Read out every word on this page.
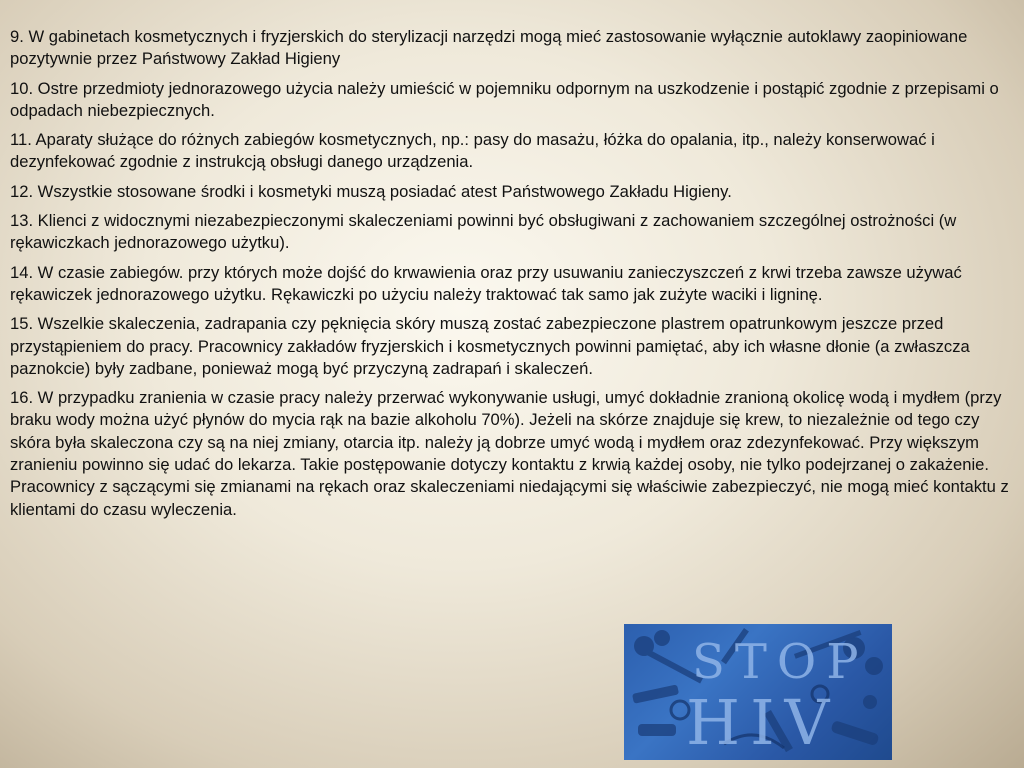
9. W gabinetach kosmetycznych i fryzjerskich do sterylizacji narzędzi mogą mieć zastosowanie wyłącznie autoklawy zaopiniowane pozytywnie przez Państwowy Zakład Higieny

10. Ostre przedmioty jednorazowego użycia należy umieścić w pojemniku odpornym na uszkodzenie i postąpić zgodnie z przepisami o odpadach niebezpiecznych.

11. Aparaty służące do różnych zabiegów kosmetycznych, np.: pasy do masażu, łóżka do opalania, itp., należy konserwować i dezynfekować zgodnie z instrukcją obsługi danego urządzenia.

12. Wszystkie stosowane środki i kosmetyki muszą posiadać atest Państwowego Zakładu Higieny.

13. Klienci z widocznymi niezabezpieczonymi skaleczeniami powinni być obsługiwani z zachowaniem szczególnej ostrożności (w rękawiczkach jednorazowego użytku).

14. W czasie zabiegów. przy których może dojść do krwawienia oraz przy usuwaniu zanieczyszczeń z krwi trzeba zawsze używać rękawiczek jednorazowego użytku. Rękawiczki po użyciu należy traktować tak samo jak zużyte waciki i ligninę.

15. Wszelkie skaleczenia, zadrapania czy pęknięcia skóry muszą zostać zabezpieczone plastrem opatrunkowym jeszcze przed przystąpieniem do pracy. Pracownicy zakładów fryzjerskich i kosmetycznych powinni pamiętać, aby ich własne dłonie (a zwłaszcza paznokcie) były zadbane, ponieważ mogą być przyczyną zadrapań i skaleczeń.

16. W przypadku zranienia w czasie pracy należy przerwać wykonywanie usługi, umyć dokładnie zranioną okolicę wodą i mydłem (przy braku wody można użyć płynów do mycia rąk na bazie alkoholu 70%). Jeżeli na skórze znajduje się krew, to niezależnie od tego czy skóra była skaleczona czy są na niej zmiany, otarcia itp. należy ją dobrze umyć wodą i mydłem oraz zdezynfekować. Przy większym zranieniu powinno się udać do lekarza. Takie postępowanie dotyczy kontaktu z krwią każdej osoby, nie tylko podejrzanej o zakażenie. Pracownicy z sączącymi się zmianami na rękach oraz skaleczeniami niedającymi się właściwie zabezpieczyć, nie mogą mieć kontaktu z klientami do czasu wyleczenia.

STOP
HIV
